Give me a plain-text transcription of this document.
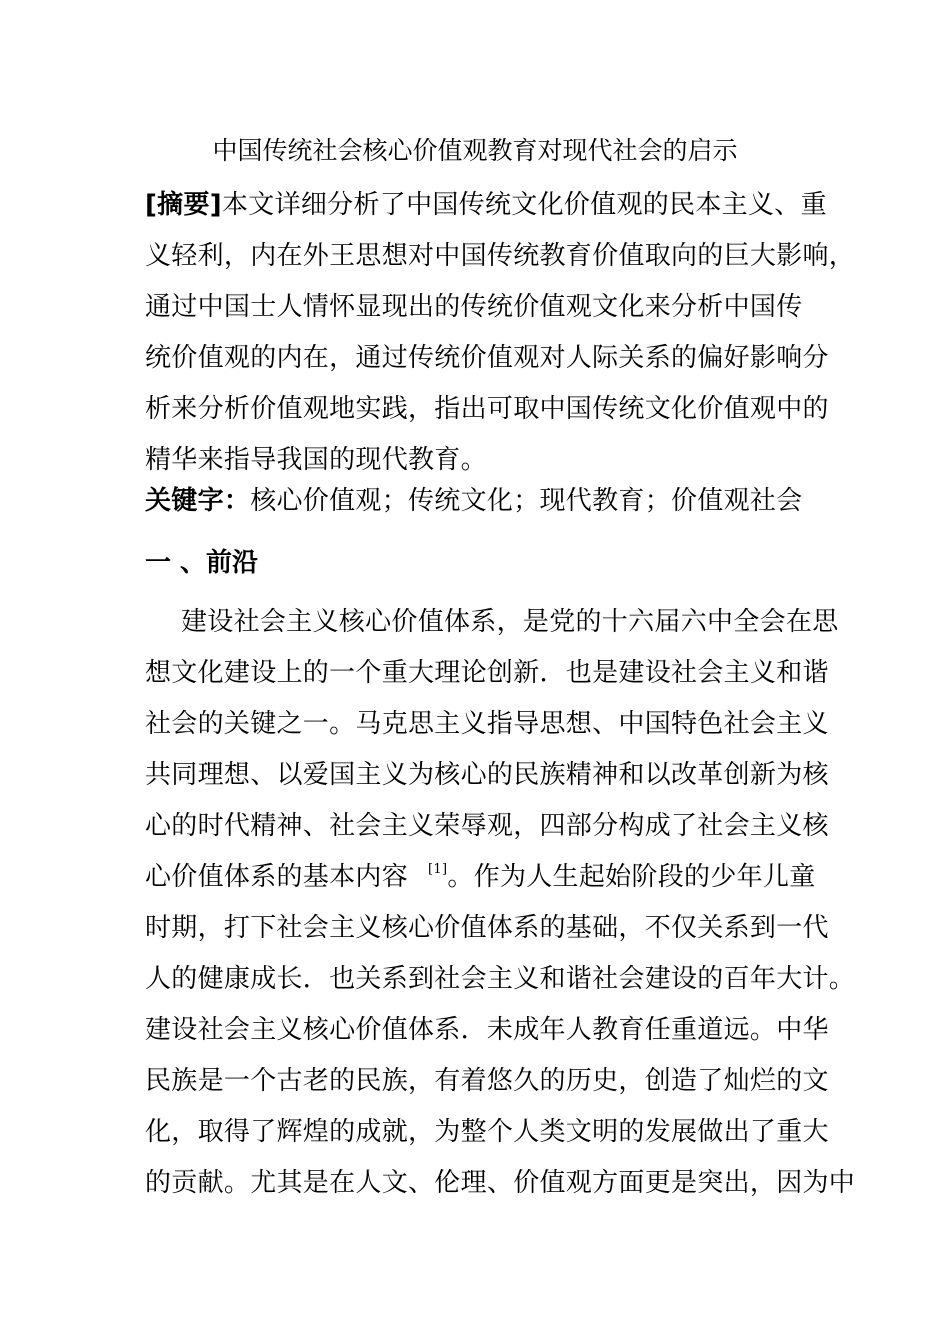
中国传统社会核心价值观教育对现代社会的启示
[摘要]本文详细分析了中国传统文化价值观的民本主义、重
义轻利，内在外王思想对中国传统教育价值取向的巨大影响，
通过中国士人情怀显现出的传统价值观文化来分析中国传
统价值观的内在，通过传统价值观对人际关系的偏好影响分
析来分析价值观地实践，指出可取中国传统文化价值观中的
精华来指导我国的现代教育。
关键字：核心价值观；传统文化；现代教育；价值观社会
一 、前沿
建设社会主义核心价值体系，是党的十六届六中全会在思
想文化建设上的一个重大理论创新．也是建设社会主义和谐
社会的关键之一。马克思主义指导思想、中国特色社会主义
共同理想、以爱国主义为核心的民族精神和以改革创新为核
心的时代精神、社会主义荣辱观，四部分构成了社会主义核
心价值体系的基本内容 [1]。作为人生起始阶段的少年儿童
时期，打下社会主义核心价值体系的基础，不仅关系到一代
人的健康成长．也关系到社会主义和谐社会建设的百年大计。
建设社会主义核心价值体系．未成年人教育任重道远。中华
民族是一个古老的民族，有着悠久的历史，创造了灿烂的文
化，取得了辉煌的成就，为整个人类文明的发展做出了重大
的贡献。尤其是在人文、伦理、价值观方面更是突出，因为中
